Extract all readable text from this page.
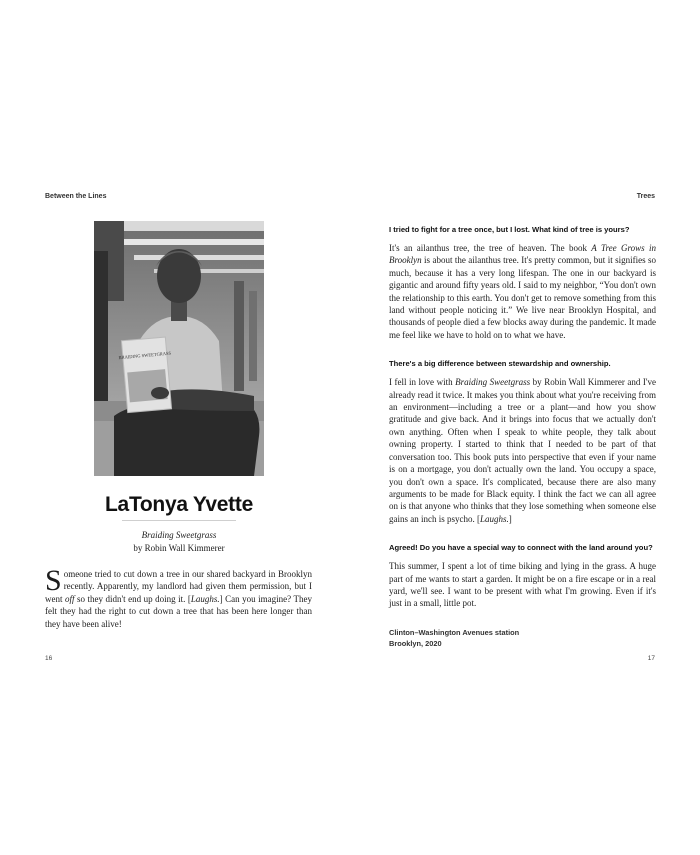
Between the Lines
BRAIDING SWEETGRASS
LaTonya Yvette
Braiding Sweetgrass
by Robin Wall Kimmerer
Someone tried to cut down a tree in our shared backyard in Brooklyn recently. Apparently, my landlord had given them permission, but I went off so they didn't end up doing it. [Laughs.] Can you imagine? They felt they had the right to cut down a tree that has been here longer than they have been alive!
16
Trees

I tried to fight for a tree once, but I lost. What kind of tree is yours?

It's an ailanthus tree, the tree of heaven. The book A Tree Grows in Brooklyn is about the ailanthus tree. It's pretty common, but it signifies so much, because it has a very long lifespan. The one in our backyard is gigantic and around fifty years old. I said to my neighbor, “You don't own the relationship to this earth. You don't get to remove something from this land without people noticing it.” We live near Brooklyn Hospital, and thousands of people died a few blocks away during the pandemic. It made me feel like we have to hold on to what we have.

There's a big difference between stewardship and ownership.

I fell in love with Braiding Sweetgrass by Robin Wall Kimmerer and I've already read it twice. It makes you think about what you're receiving from an environment—including a tree or a plant—and how you show gratitude and give back. And it brings into focus that we actually don't own anything. Often when I speak to white people, they talk about owning property. I started to think that I needed to be part of that conversation too. This book puts into perspective that even if your name is on a mortgage, you don't actually own the land. You occupy a space, you don't own a space. It's complicated, because there are also many arguments to be made for Black equity. I think the fact we can all agree on is that anyone who thinks that they lose something when someone else gains an inch is psycho. [Laughs.]

Agreed! Do you have a special way to connect with the land around you?

This summer, I spent a lot of time biking and lying in the grass. A huge part of me wants to start a garden. It might be on a fire escape or in a real yard, we'll see. I want to be present with what I'm growing. Even if it's just in a small, little pot.

Clinton–Washington Avenues station
Brooklyn, 2020
17
